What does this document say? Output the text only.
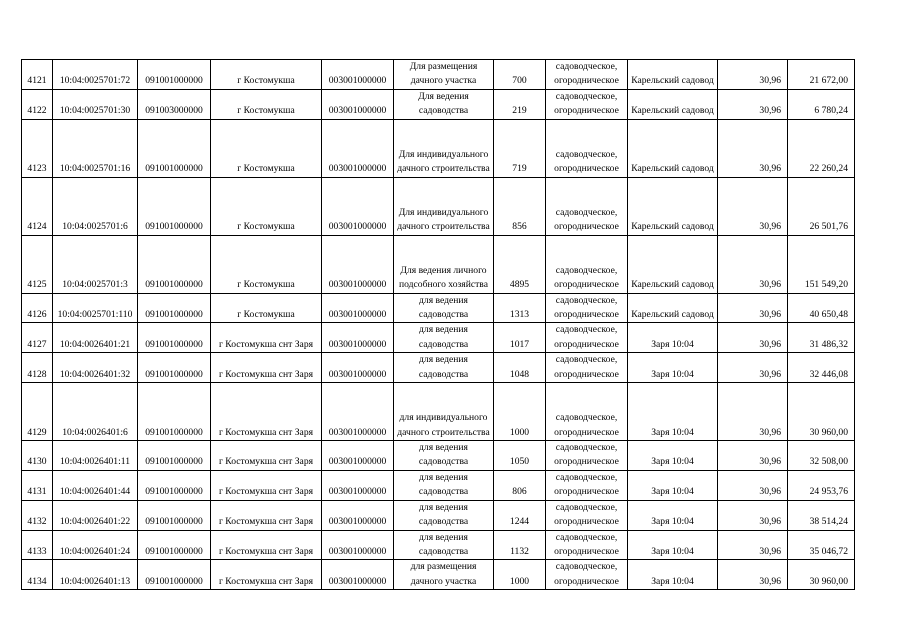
4121	10:04:0025701:72	091001000000	г Костомукша	003001000000	Для размещения дачного участка	700	садоводческое, огородническое	Карельский садовод	30,96	21 672,00
4122	10:04:0025701:30	091003000000	г Костомукша	003001000000	Для ведения садоводства	219	садоводческое, огородническое	Карельский садовод	30,96	6 780,24
4123	10:04:0025701:16	091001000000	г Костомукша	003001000000	Для индивидуального дачного строительства	719	садоводческое, огородническое	Карельский садовод	30,96	22 260,24
4124	10:04:0025701:6	091001000000	г Костомукша	003001000000	Для индивидуального дачного строительства	856	садоводческое, огородническое	Карельский садовод	30,96	26 501,76
4125	10:04:0025701:3	091001000000	г Костомукша	003001000000	Для ведения личного подсобного хозяйства	4895	садоводческое, огородническое	Карельский садовод	30,96	151 549,20
4126	10:04:0025701:110	091001000000	г Костомукша	003001000000	для ведения садоводства	1313	садоводческое, огородническое	Карельский садовод	30,96	40 650,48
4127	10:04:0026401:21	091001000000	г Костомукша снт Заря	003001000000	для ведения садоводства	1017	садоводческое, огородническое	Заря 10:04	30,96	31 486,32
4128	10:04:0026401:32	091001000000	г Костомукша снт Заря	003001000000	для ведения садоводства	1048	садоводческое, огородническое	Заря 10:04	30,96	32 446,08
4129	10:04:0026401:6	091001000000	г Костомукша снт Заря	003001000000	для индивидуального дачного строительства	1000	садоводческое, огородническое	Заря 10:04	30,96	30 960,00
4130	10:04:0026401:11	091001000000	г Костомукша снт Заря	003001000000	для ведения садоводства	1050	садоводческое, огородническое	Заря 10:04	30,96	32 508,00
4131	10:04:0026401:44	091001000000	г Костомукша снт Заря	003001000000	для ведения садоводства	806	садоводческое, огородническое	Заря 10:04	30,96	24 953,76
4132	10:04:0026401:22	091001000000	г Костомукша снт Заря	003001000000	для ведения садоводства	1244	садоводческое, огородническое	Заря 10:04	30,96	38 514,24
4133	10:04:0026401:24	091001000000	г Костомукша снт Заря	003001000000	для ведения садоводства	1132	садоводческое, огородническое	Заря 10:04	30,96	35 046,72
4134	10:04:0026401:13	091001000000	г Костомукша снт Заря	003001000000	для размещения дачного участка	1000	садоводческое, огородническое	Заря 10:04	30,96	30 960,00
